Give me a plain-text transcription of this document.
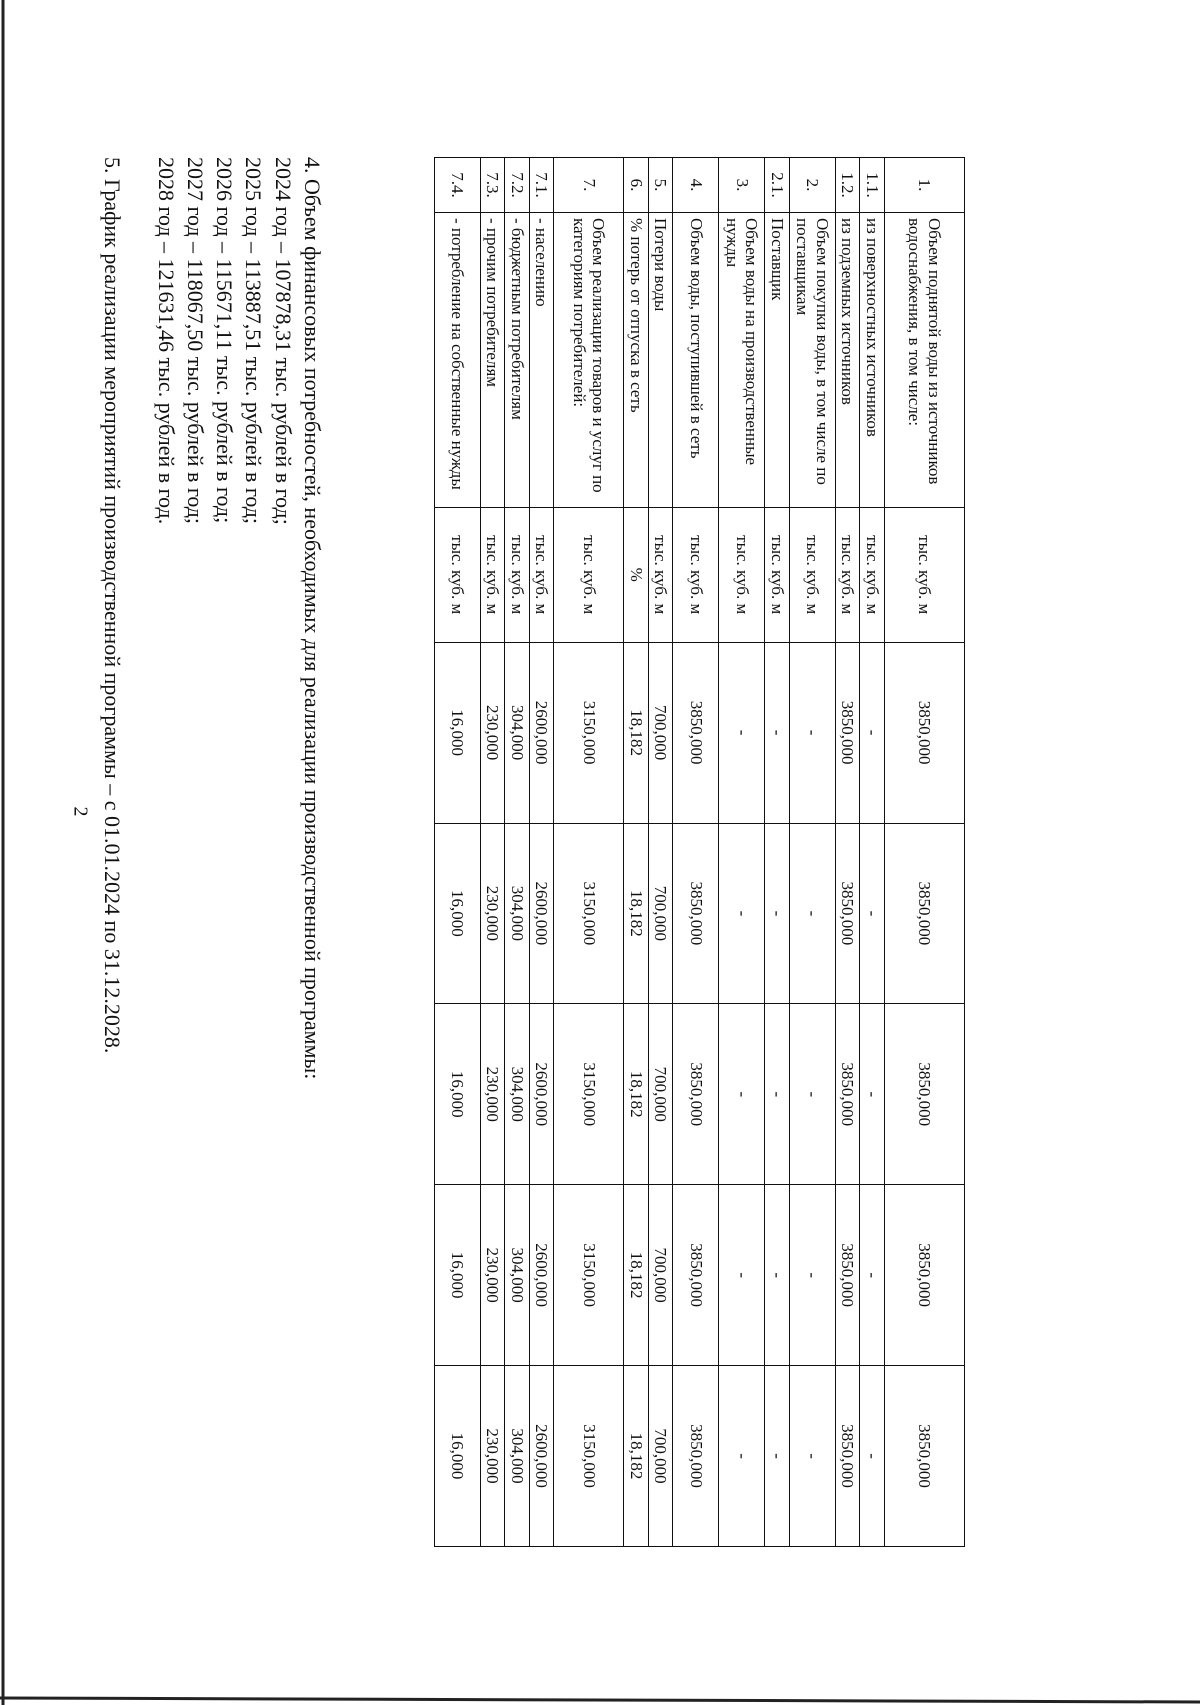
2
1.	Объем поднятой воды из источников водоснабжения, в том числе:	тыс. куб. м	3850,000	3850,000	3850,000	3850,000	3850,000
1.1.	из поверхностных источников	тыс. куб. м	-	-	-	-	-
1.2.	из подземных источников	тыс. куб. м	3850,000	3850,000	3850,000	3850,000	3850,000
2.	Объем покупки воды, в том числе по поставщикам	тыс. куб. м	-	-	-	-	-
2.1.	Поставщик	тыс. куб. м	-	-	-	-	-
3.	Объем воды на производственные нужды	тыс. куб. м	-	-	-	-	-
4.	Объем воды, поступившей в сеть	тыс. куб. м	3850,000	3850,000	3850,000	3850,000	3850,000
5.	Потери воды	тыс. куб. м	700,000	700,000	700,000	700,000	700,000
6.	% потерь от отпуска в сеть	%	18,182	18,182	18,182	18,182	18,182
7.	Объем реализации товаров и услуг по категориям потребителей:	тыс. куб. м	3150,000	3150,000	3150,000	3150,000	3150,000
7.1.	- населению	тыс. куб. м	2600,000	2600,000	2600,000	2600,000	2600,000
7.2.	- бюджетным потребителям	тыс. куб. м	304,000	304,000	304,000	304,000	304,000
7.3.	- прочим потребителям	тыс. куб. м	230,000	230,000	230,000	230,000	230,000
7.4.	- потребление на собственные нужды	тыс. куб. м	16,000	16,000	16,000	16,000	16,000

4. Объем финансовых потребностей, необходимых для реализации производственной программы:

2024 год – 107878,31 тыс. рублей в год;

2025 год – 113887,51 тыс. рублей в год;

2026 год – 115671,11 тыс. рублей в год;

2027 год – 118067,50 тыс. рублей в год;

2028 год – 121631,46 тыс. рублей в год.

5. График реализации мероприятий производственной программы – с 01.01.2024 по 31.12.2028.
